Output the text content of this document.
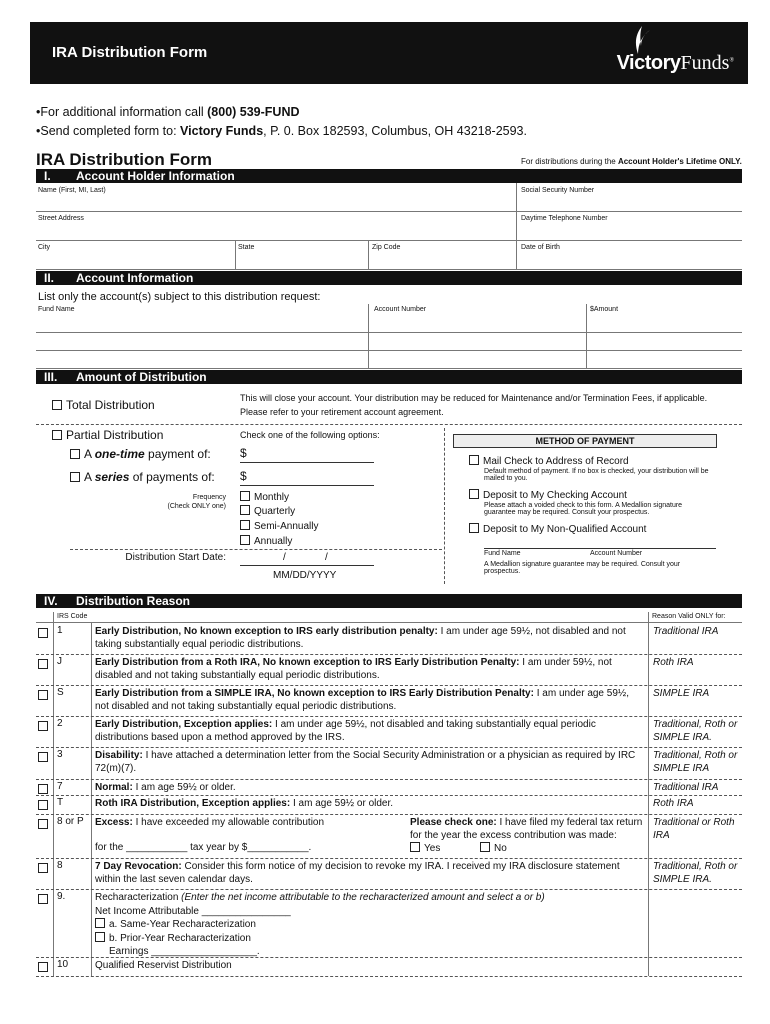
IRA Distribution Form	VictoryFunds®
•For additional information call (800) 539-FUND
•Send completed form to: Victory Funds, P. 0. Box 182593, Columbus, OH 43218-2593.
IRA Distribution Form	For distributions during the Account Holder's Lifetime ONLY.
I. Account Holder Information
Name (First, MI, Last)	Social Security Number
Street Address	Daytime Telephone Number
City	State	Zip Code	Date of Birth
II. Account Information
List only the account(s) subject to this distribution request:
Fund Name	Account Number	$Amount
III. Amount of Distribution
Total Distribution	This will close your account. Your distribution may be reduced for Maintenance and/or Termination Fees, if applicable. Please refer to your retirement account agreement.
Partial Distribution	Check one of the following options:
A one-time payment of: $
A series of payments of: $
Frequency
(Check ONLY one)
Monthly
Quarterly
Semi-Annually
Annually
Distribution Start Date:	/	/
MM/DD/YYYY
METHOD OF PAYMENT
Mail Check to Address of Record
Default method of payment. If no box is checked, your distribution will be mailed to you.
Deposit to My Checking Account
Please attach a voided check to this form. A Medallion signature guarantee may be required. Consult your prospectus.
Deposit to My Non-Qualified Account
Fund Name	Account Number
A Medallion signature guarantee may be required. Consult your prospectus.
IV. Distribution Reason
IRS Code	Reason Valid ONLY for:
1	Early Distribution, No known exception to IRS early distribution penalty: I am under age 59½, not disabled and not taking substantially equal periodic distributions.
Traditional IRA
J	Early Distribution from a Roth IRA, No known exception to IRS Early Distribution Penalty: I am under 59½, not disabled and not taking substantially equal periodic distributions.
Roth IRA
S	Early Distribution from a SIMPLE IRA, No known exception to IRS Early Distribution Penalty: I am under age 59½, not disabled and not taking substantially equal periodic distributions.
SIMPLE IRA
2	Early Distribution, Exception applies: I am under age 59½, not disabled and taking substantially equal periodic distributions based upon a method approved by the IRS.
Traditional, Roth or SIMPLE IRA.
3	Disability: I have attached a determination letter from the Social Security Administration or a physician as required by IRC 72(m)(7).
Traditional, Roth or SIMPLE IRA
7	Normal: I am age 59½ or older.	Traditional IRA
T	Roth IRA Distribution, Exception applies: I am age 59½ or older.	Roth IRA
8 or P	Excess: I have exceeded my allowable contribution
for the ___________ tax year by $___________.
Please check one: I have filed my federal tax return for the year the excess contribution was made:
Yes	No
Traditional or Roth IRA
8	7 Day Revocation: Consider this form notice of my decision to revoke my IRA. I received my IRA disclosure statement within the last seven calendar days.
Traditional, Roth or SIMPLE IRA.
9.	Recharacterization (Enter the net income attributable to the recharacterized amount and select a or b)
Net Income Attributable ________________
a. Same-Year Recharacterization
b. Prior-Year Recharacterization
Earnings ___________________.
10	Qualified Reservist Distribution
